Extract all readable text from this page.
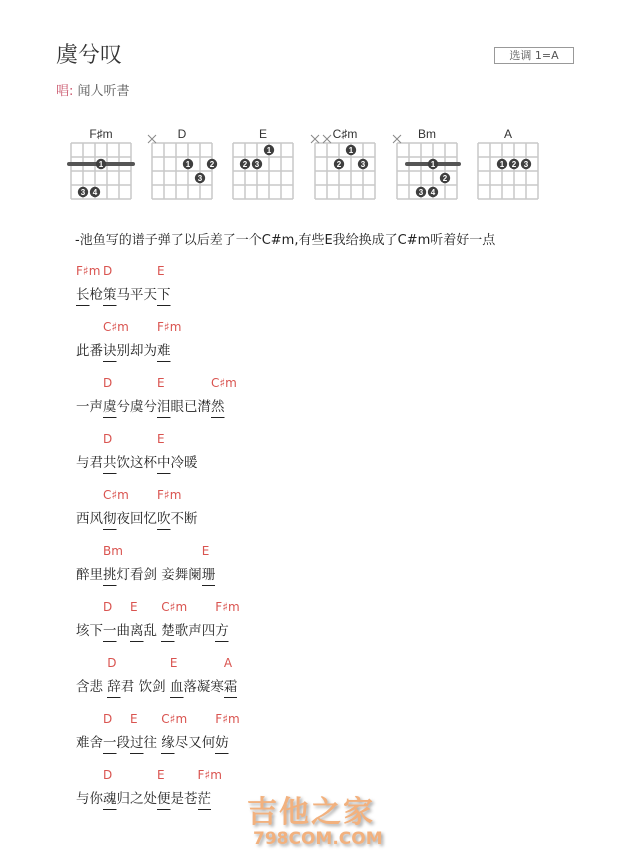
虞兮叹	选调 1=A
唱: 闻人听書
F♯m
1
3 4
D
1 2
3
E
1
2 3
C♯m
1
2 3
Bm
1
2
3 4
A
1 2 3
-池鱼写的谱子弹了以后差了一个C#m,有些E我给换成了C#m听着好一点
F♯m
长枪
D
策马平天
E
下
此番
C♯m
诀别却为
F♯m
难
一声
D
虞兮虞兮
E
泪眼已潸
C♯m
然
与君
D
共饮这杯
E
中冷暖
西风
C♯m
彻夜回忆
F♯m
吹不断
醉里
Bm
挑灯看剑 妾舞阑
E
珊
垓下
D
一曲
E
离乱
C♯m
楚歌声四
F♯m
方
含悲
D
辞君 饮剑
E
血落凝寒
A
霜
难舍
D
一段
E
过往
C♯m
缘尽又何
F♯m
妨
与你
D
魂归之处
E
便是苍
F♯m
茫 吉他之家
798COM.COM
